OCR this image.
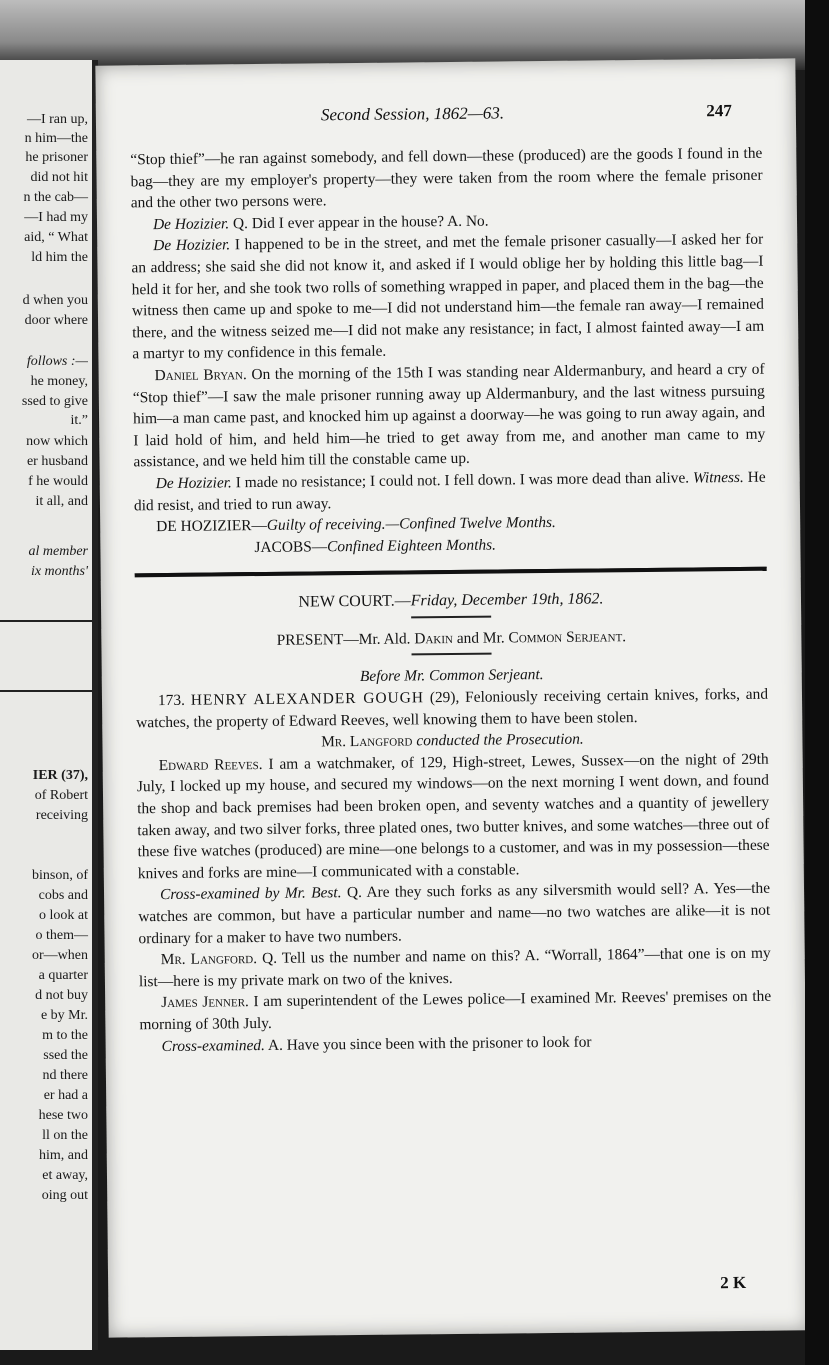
—I ran up,
n him—the
he prisoner
did not hit
n the cab—
—I had my
aid, “ What
ld him the
d when you
door where
follows :—
he money,
ssed to give
it.”
now which
er husband
f he would
it all, and
al member
ix months'
IER (37),
of Robert
receiving
binson, of
cobs and
o look at
o them—
or—when
a quarter
d not buy
e by Mr.
m to the
ssed the
nd there
er had a
hese two
ll on the
him, and
et away,
oing out
Second Session, 1862—63.	247

“Stop thief”—he ran against somebody, and fell down—these (produced) are the goods I found in the bag—they are my employer's property—they were taken from the room where the female prisoner and the other two persons were.

De Hozizier. Q. Did I ever appear in the house? A. No.

De Hozizier. I happened to be in the street, and met the female prisoner casually—I asked her for an address; she said she did not know it, and asked if I would oblige her by holding this little bag—I held it for her, and she took two rolls of something wrapped in paper, and placed them in the bag—the witness then came up and spoke to me—I did not understand him—the female ran away—I remained there, and the witness seized me—I did not make any resistance; in fact, I almost fainted away—I am a martyr to my confidence in this female.

Daniel Bryan. On the morning of the 15th I was standing near Aldermanbury, and heard a cry of “Stop thief”—I saw the male prisoner running away up Aldermanbury, and the last witness pursuing him—a man came past, and knocked him up against a doorway—he was going to run away again, and I laid hold of him, and held him—he tried to get away from me, and another man came to my assistance, and we held him till the constable came up.

De Hozizier. I made no resistance; I could not. I fell down. I was more dead than alive. Witness. He did resist, and tried to run away.

DE HOZIZIER—Guilty of receiving.—Confined Twelve Months.

JACOBS—Confined Eighteen Months.

NEW COURT.—Friday, December 19th, 1862.

PRESENT—Mr. Ald. Dakin and Mr. Common Serjeant.

Before Mr. Common Serjeant.

173. HENRY ALEXANDER GOUGH (29), Feloniously receiving certain knives, forks, and watches, the property of Edward Reeves, well knowing them to have been stolen.

Mr. Langford conducted the Prosecution.

Edward Reeves. I am a watchmaker, of 129, High-street, Lewes, Sussex—on the night of 29th July, I locked up my house, and secured my windows—on the next morning I went down, and found the shop and back premises had been broken open, and seventy watches and a quantity of jewellery taken away, and two silver forks, three plated ones, two butter knives, and some watches—three out of these five watches (produced) are mine—one belongs to a customer, and was in my possession—these knives and forks are mine—I communicated with a constable.

Cross-examined by Mr. Best. Q. Are they such forks as any silversmith would sell? A. Yes—the watches are common, but have a particular number and name—no two watches are alike—it is not ordinary for a maker to have two numbers.

Mr. Langford. Q. Tell us the number and name on this? A. “Worrall, 1864”—that one is on my list—here is my private mark on two of the knives.

James Jenner. I am superintendent of the Lewes police—I examined Mr. Reeves' premises on the morning of 30th July.

Cross-examined. A. Have you since been with the prisoner to look for

2 K
